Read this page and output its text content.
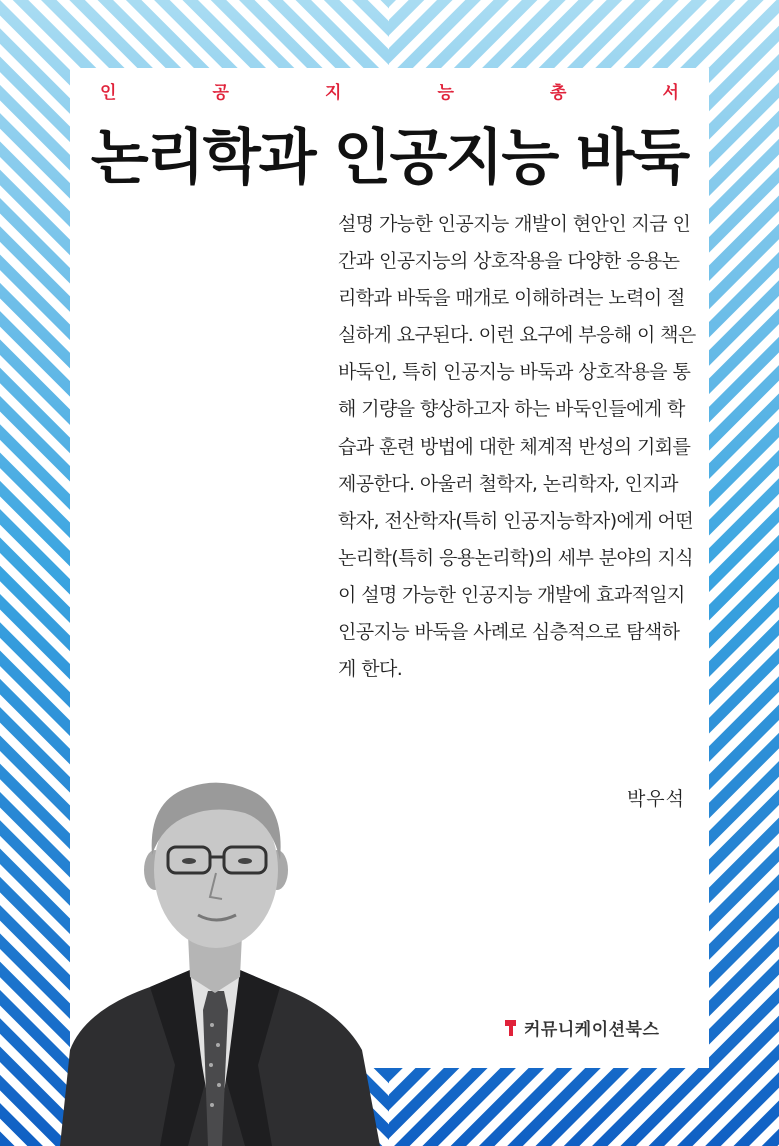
인	공	지	능	총	서
논리학과 인공지능 바둑
설명 가능한 인공지능 개발이 현안인 지금 인
간과 인공지능의 상호작용을 다양한 응용논
리학과 바둑을 매개로 이해하려는 노력이 절
실하게 요구된다. 이런 요구에 부응해 이 책은
바둑인, 특히 인공지능 바둑과 상호작용을 통
해 기량을 향상하고자 하는 바둑인들에게 학
습과 훈련 방법에 대한 체계적 반성의 기회를
제공한다. 아울러 철학자, 논리학자, 인지과
학자, 전산학자(특히 인공지능학자)에게 어떤
논리학(특히 응용논리학)의 세부 분야의 지식
이 설명 가능한 인공지능 개발에 효과적일지
인공지능 바둑을 사례로 심층적으로 탐색하
게 한다.
박우석
커뮤니케이션북스
